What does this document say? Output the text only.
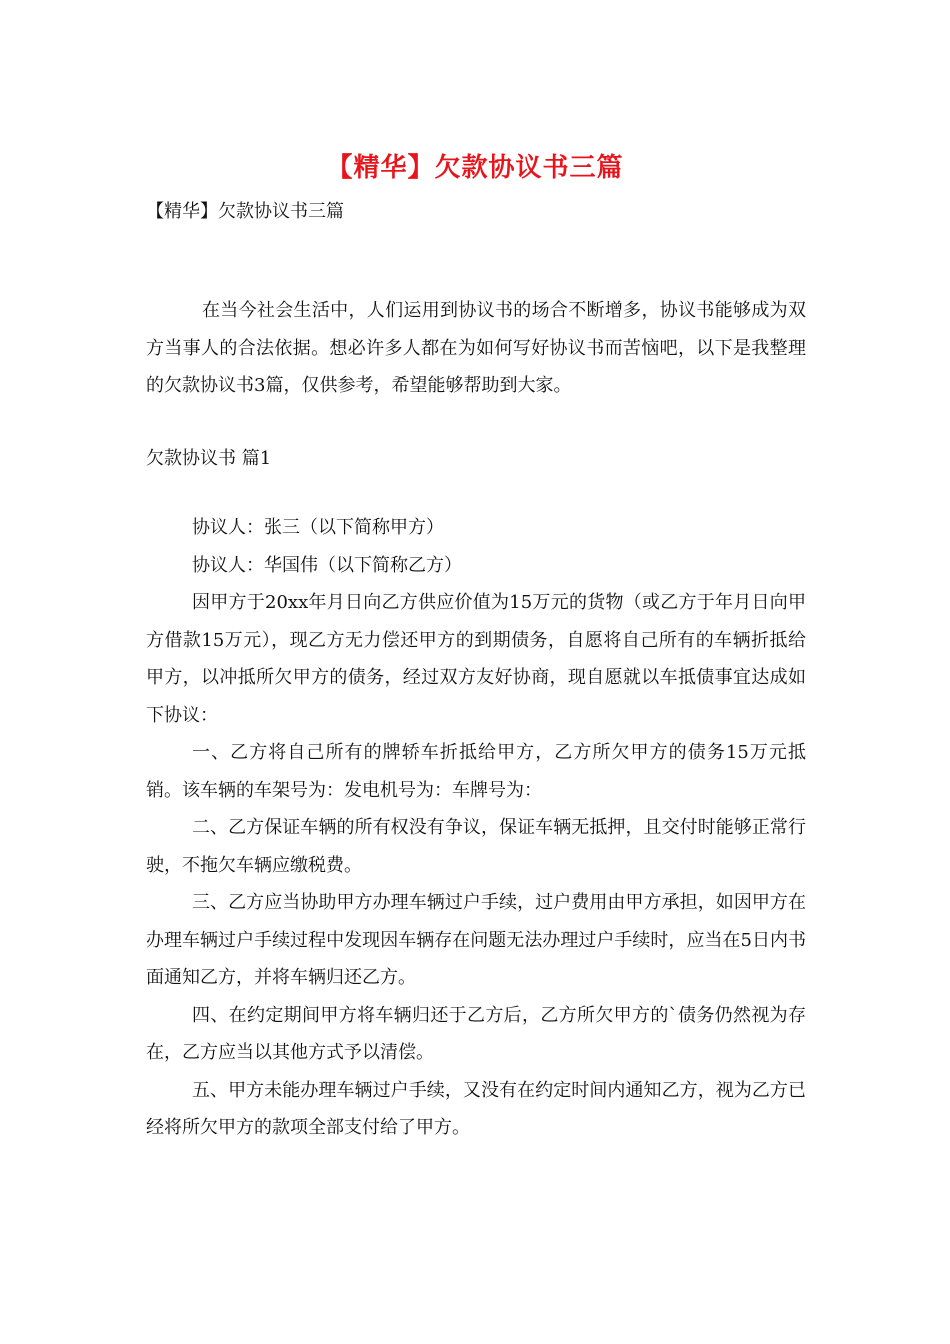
【精华】欠款协议书三篇
【精华】欠款协议书三篇

在当今社会生活中，人们运用到协议书的场合不断增多，协议书能够成为双方当事人的合法依据。想必许多人都在为如何写好协议书而苦恼吧，以下是我整理的欠款协议书3篇，仅供参考，希望能够帮助到大家。

欠款协议书 篇1

协议人：张三（以下简称甲方）

协议人：华国伟（以下简称乙方）

因甲方于20xx年月日向乙方供应价值为15万元的货物（或乙方于年月日向甲方借款15万元），现乙方无力偿还甲方的到期债务，自愿将自己所有的车辆折抵给甲方，以冲抵所欠甲方的债务，经过双方友好协商，现自愿就以车抵债事宜达成如下协议：

一、乙方将自己所有的牌轿车折抵给甲方，乙方所欠甲方的债务15万元抵销。该车辆的车架号为：发电机号为：车牌号为：

二、乙方保证车辆的所有权没有争议，保证车辆无抵押，且交付时能够正常行驶，不拖欠车辆应缴税费。

三、乙方应当协助甲方办理车辆过户手续，过户费用由甲方承担，如因甲方在办理车辆过户手续过程中发现因车辆存在问题无法办理过户手续时，应当在5日内书面通知乙方，并将车辆归还乙方。

四、在约定期间甲方将车辆归还于乙方后，乙方所欠甲方的`债务仍然视为存在，乙方应当以其他方式予以清偿。

五、甲方未能办理车辆过户手续，又没有在约定时间内通知乙方，视为乙方已经将所欠甲方的款项全部支付给了甲方。
